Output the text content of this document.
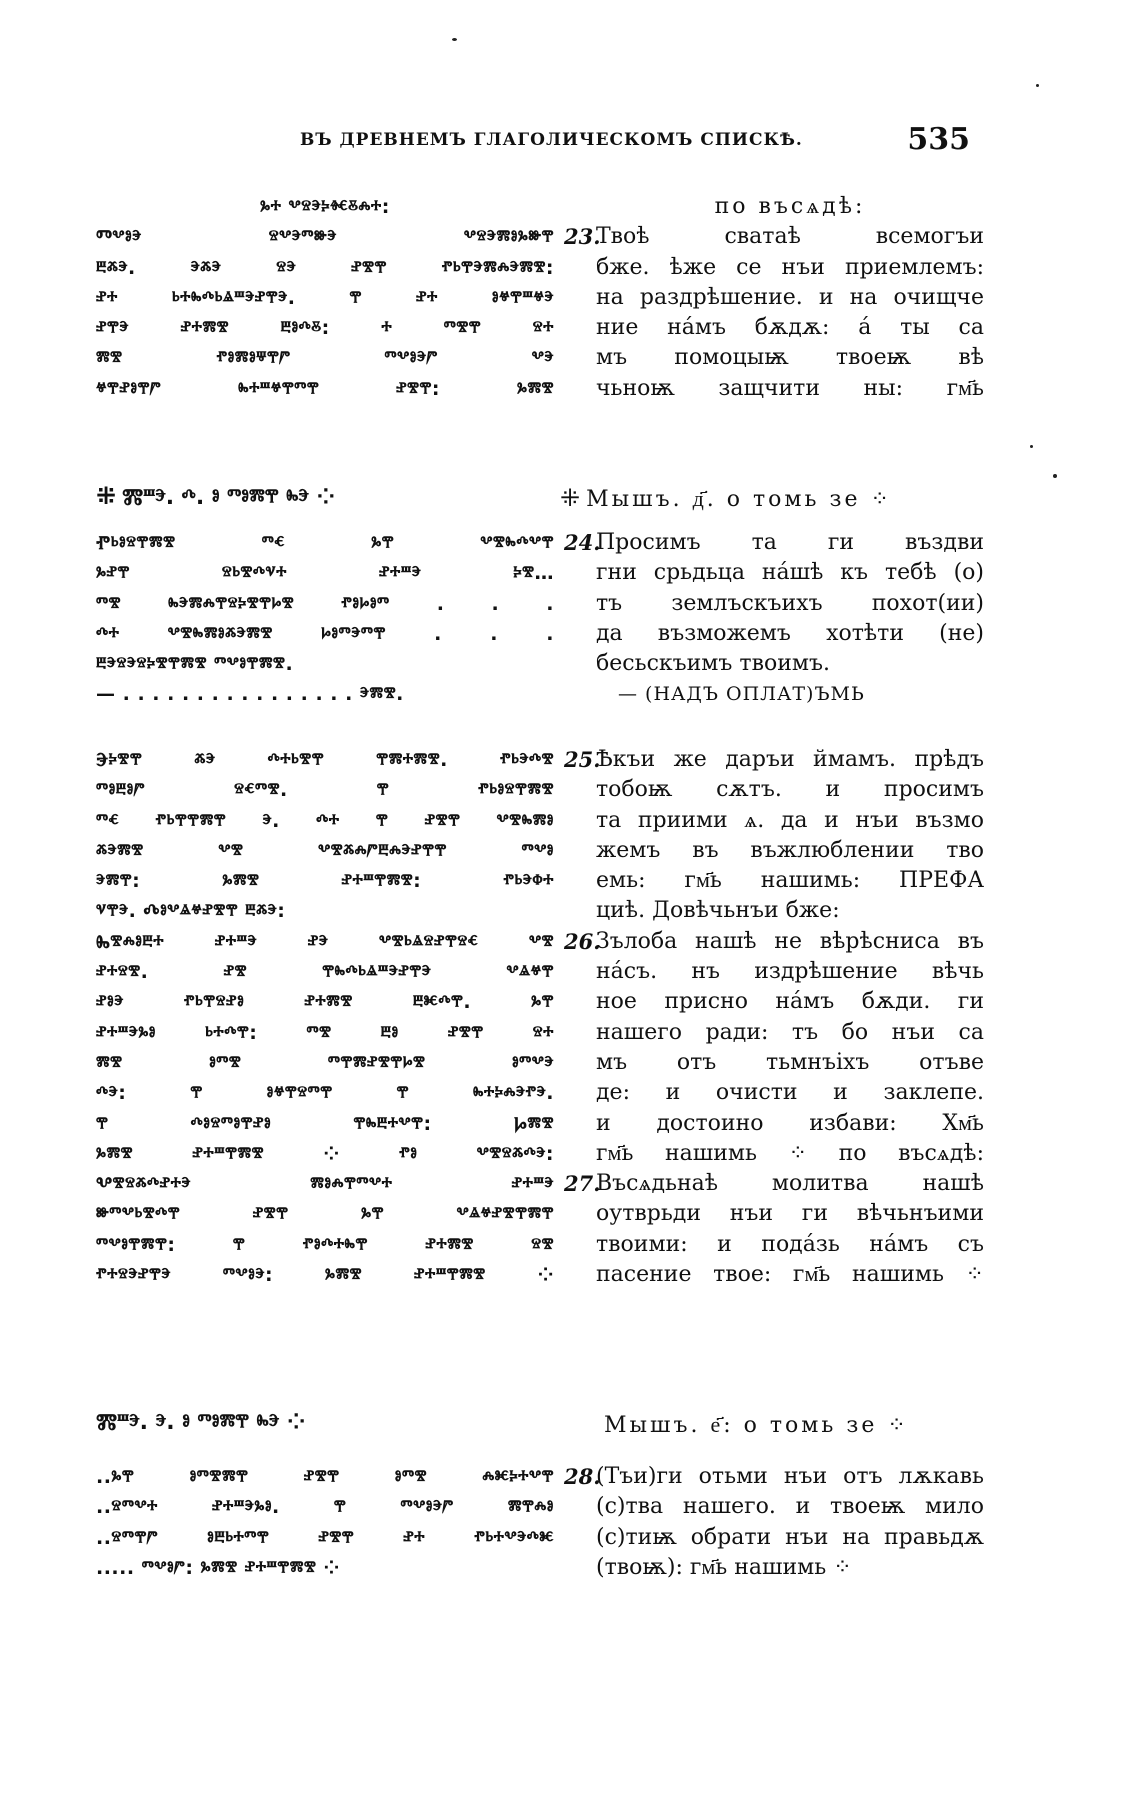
ВЪ ДРЕВНЕМЪ ГЛАГОЛИЧЕСКОМЪ СПИСКѢ.	535
ⰳⰰ ⰲⱄⰵⰽⱙⰻⰾⰰ:
Ⱅⰲⱁⰵ ⱄⰲⰵⱅⱆⰵ ⰲⱄⰵⰿⱁⰳⱆⰹ
ⰱⰶⰵ. ⰵⰶⰵ ⱄⰵ ⱀⰺⰹ ⱂⱃⰹⰵⰿⰾⰵⰿⰺ:
ⱀⰰ ⱃⰰⰸⰴⱃⱑⱎⰵⱀⰹⰵ. ⰹ ⱀⰰ ⱁⱍⰹⱎⱍⰵ
ⱀⰹⰵ ⱀⰰⰿⰺ ⰱⱁⰴⰻ: ⰰ ⱅⰺⰹ ⱄⰰ
ⰿⰺ ⱂⱁⰿⱁⱋⰹⱓ ⱅⰲⱁⰵⱓ ⰲⰵ
ⱍⰹⱀⱁⰹⱓ ⰸⰰⱎⱍⰹⱅⰹ ⱀⰺⰹ: ⰳⰿⰺ
⁜ Ⰿⱎⰵ. ⰴ. ⱁ ⱅⱁⰿⰹ ⰸⰵ ⁘
Ⱂⱃⱁⱄⰹⰿⰺ ⱅⱔ ⰳⰹ ⰲⰺⰸⰴⰲⰹ
ⰳⱀⰹ ⱄⱃⰺⰴⱌⰰ ⱀⰰⱎⰵ ⰽⰺ…
ⱅⰺ ⰸⰵⰿⰾⰹⱄⰽⰺⰹⱈⰺ ⱂⱁⱈⱁⱅ . . .
ⰴⰰ ⰲⰺⰸⰿⱁⰶⰵⰿⰺ ⱈⱁⱅⰵⱅⰹ . . .
ⰱⰵⱄⰵⱄⰽⰺⰹⰿⰺ ⱅⰲⱁⰹⰿⰺ.
— . . . . . . . . . . . . . . . . ⰵⰿⰺ.
Ⰵⰽⰺⰹ ⰶⰵ ⰴⰰⱃⰺⰹ ⰹⰿⰰⰿⰺ. ⱂⱃⰵⰴⰺ
ⱅⱁⰱⱁⱓ ⱄⱔⱅⰺ. ⰹ ⱂⱃⱁⱄⰹⰿⰺ
ⱅⱔ ⱂⱃⰹⰹⰿⰹ ⰵ. ⰴⰰ ⰹ ⱀⰺⰹ ⰲⰺⰸⰿⱁ
ⰶⰵⰿⰺ ⰲⰺ ⰲⰺⰶⰾⱓⰱⰾⰵⱀⰹⰹ ⱅⰲⱁ
ⰵⰿⰹ: ⰳⰿⰺ ⱀⰰⱎⰹⰿⰺ: ⱂⱃⰵⱇⰰ
ⱌⰹⰵ. Ⰴⱁⰲⱑⱍⱀⰺⰹ ⰱⰶⰵ:
Ⰸⰺⰾⱁⰱⰰ ⱀⰰⱎⰵ ⱀⰵ ⰲⰺⱃⱑⱄⱀⰹⱄⱔ ⰲⰺ
ⱀⰰⱄⰺ. ⱀⰺ ⰹⰸⰴⱃⱑⱎⰵⱀⰹⰵ ⰲⱑⱍⰹ
ⱀⱁⰵ ⱂⱃⰹⱄⱀⱁ ⱀⰰⰿⰺ ⰱⱘⰴⰹ. ⰳⰹ
ⱀⰰⱎⰵⰳⱁ ⱃⰰⰴⰹ: ⱅⰺ ⰱⱁ ⱀⰺⰹ ⱄⰰ
ⰿⰺ ⱁⱅⰺ ⱅⰹⰿⱀⰺⰹⱈⰺ ⱁⱅⰲⰵ
ⰴⰵ: ⰹ ⱁⱍⰹⱄⱅⰹ ⰹ ⰸⰰⰽⰾⰵⱂⰵ.
ⰹ ⰴⱁⱄⱅⱁⰹⱀⱁ ⰹⰸⰱⰰⰲⰹ: Ⱈⰿⰺ
ⰳⰿⰺ ⱀⰰⱎⰹⰿⰺ ⁘ ⱂⱁ ⰲⰺⱄⰶⰴⰵ:
Ⰲⰺⱄⰶⰴⱀⰰⰵ ⰿⱁⰾⰹⱅⰲⰰ ⱀⰰⱎⰵ
ⱆⱅⰲⱃⰺⰴⰹ ⱀⰺⰹ ⰳⰹ ⰲⱑⱍⱀⰺⰹⰿⰹ
ⱅⰲⱁⰹⰿⰹ: ⰹ ⱂⱁⰴⰰⰸⰹ ⱀⰰⰿⰺ ⱄⰺ
ⱂⰰⱄⰵⱀⰹⰵ ⱅⰲⱁⰵ: ⰳⰿⰺ ⱀⰰⱎⰹⰿⰺ ⁘
Ⰿⱎⰵ. ⰵ. ⱁ ⱅⱁⰿⰹ ⰸⰵ ⁘
..ⰳⰹ ⱁⱅⰺⰿⰹ ⱀⰺⰹ ⱁⱅⰺ ⰾⱘⰽⰰⰲⰹ
..ⱄⱅⰲⰰ ⱀⰰⱎⰵⰳⱁ. ⰹ ⱅⰲⱁⰵⱓ ⰿⰹⰾⱁ
..ⱄⱅⰹⱓ ⱁⰱⱃⰰⱅⰹ ⱀⰺⰹ ⱀⰰ ⱂⱃⰰⰲⰵⰴⱘ
..... ⱅⰲⱁⱓ: ⰳⰿⰺ ⱀⰰⱎⰹⰿⰺ ⁘
по въсѧдѣ:
23.
Твоѣ сватаѣ всемогъи
бже. ѣже се нъи приемлемъ:
на раздрѣшение. и на очищче
ние нáмъ бѫдѫ: á ты са
мъ помоцыѭ твоеѭ вѣ
чьноѭ защчити ны: гм҃ь
⁜ Мышъ. д҃. о томь зе ⁘
24.
Просимъ та ги въздви
гни срьдьца нáшѣ къ тебѣ (о)
тъ землъскъихъ похот(ии)
да възможемъ хотѣти (не)
бесьскъимъ твоимъ.
— (НАДЪ ОПЛАТ)ЪМЬ
25.
Ѣкъи же даръи ймамъ. прѣдъ
тобоѭ сѫтъ. и просимъ
та приими ѧ. да и нъи възмо
жемъ въ въжлюблении тво
емь: гм҃ь нашимь: ПРЕФА
циѣ. Довѣчьнъи бже:
26.
Зълоба нашѣ не вѣрѣсниса въ
нáсъ. нъ издрѣшение вѣчь
ное присно нáмъ бѫди. ги
нашего ради: тъ бо нъи са
мъ отъ тьмнъiхъ отъве
де: и очисти и заклепе.
и достоино избави: Хм҃ь
гм҃ь нашимь ⁘ по въсѧдѣ:
27.
Въсѧдьнаѣ молитва нашѣ
оутврьди нъи ги вѣчьнъими
твоими: и подáзь нáмъ съ
пасение твое: гм҃ь нашимь ⁘
Мышъ. е҃: о томь зе ⁘
28.
(Тъи)ги отьми нъи отъ лѫкавь
(с)тва нашего. и твоеѭ мило
(с)тиѭ обрати нъи на правьдѫ
(твоѭ): гм҃ь нашимь ⁘
